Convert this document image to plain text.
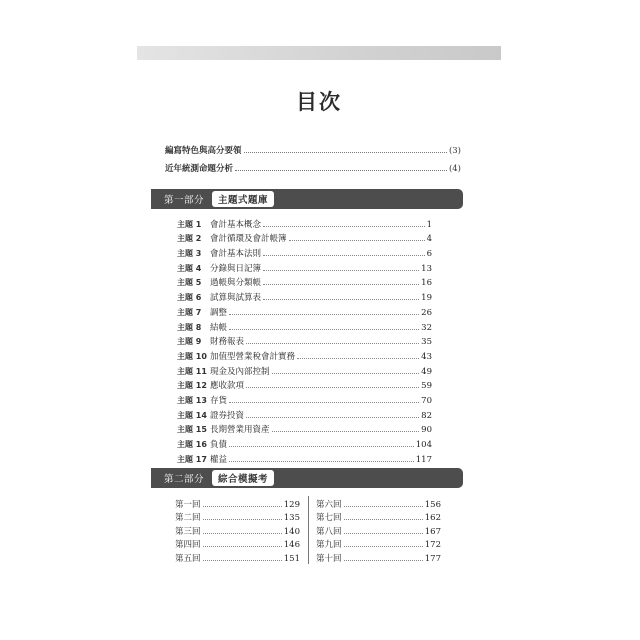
目次
編寫特色與高分要領	(3)
近年統測命題分析	(4)
第一部分	主題式題庫
主題 1	會計基本概念	1
主題 2	會計循環及會計帳簿	4
主題 3	會計基本法則	6
主題 4	分錄與日記簿	13
主題 5	過帳與分類帳	16
主題 6	試算與試算表	19
主題 7	調整	26
主題 8	結帳	32
主題 9	財務報表	35
主題 10 加值型營業稅會計實務	43
主題 11 現金及內部控制	49
主題 12 應收款項	59
主題 13 存貨	70
主題 14 證券投資	82
主題 15 長期營業用資產	90
主題 16 負債	104
主題 17 權益	117
第二部分	綜合模擬考
第一回	129
第二回	135
第三回	140
第四回	146
第五回	151
第六回	156
第七回	162
第八回	167
第九回	172
第十回	177
